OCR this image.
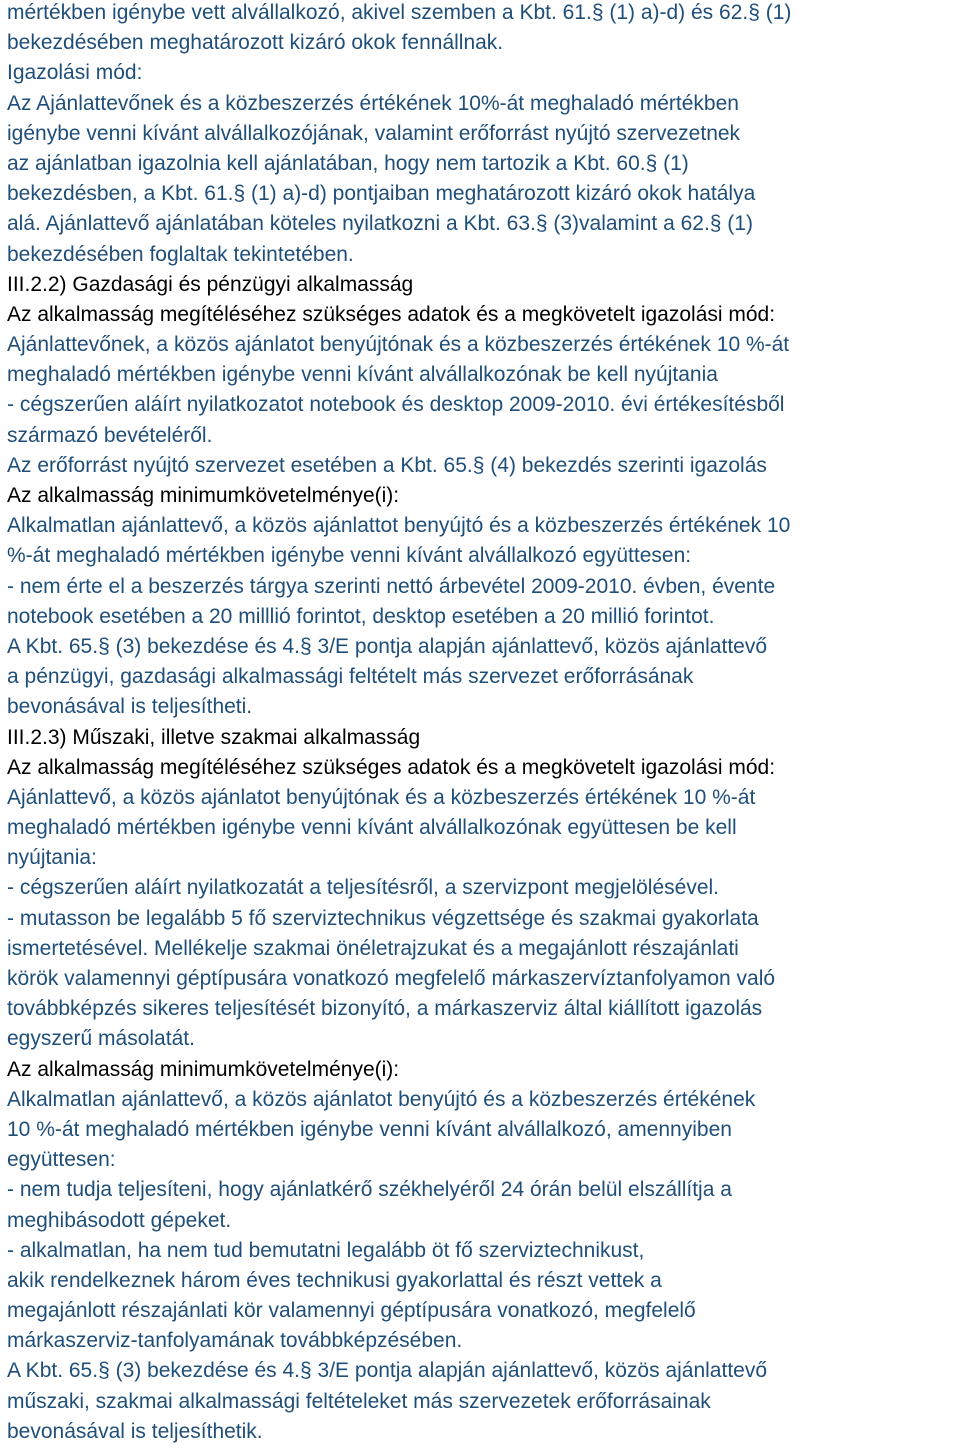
mértékben igénybe vett alvállalkozó, akivel szemben a Kbt. 61.§ (1) a)-d) és 62.§ (1)
bekezdésében meghatározott kizáró okok fennállnak.
Igazolási mód:
Az Ajánlattevőnek és a közbeszerzés értékének 10%-át meghaladó mértékben
igénybe venni kívánt alvállalkozójának, valamint erőforrást nyújtó szervezetnek
az ajánlatban igazolnia kell ajánlatában, hogy nem tartozik a Kbt. 60.§ (1)
bekezdésben, a Kbt. 61.§ (1) a)-d) pontjaiban meghatározott kizáró okok hatálya
alá. Ajánlattevő ajánlatában köteles nyilatkozni a Kbt. 63.§ (3)valamint a 62.§ (1)
bekezdésében foglaltak tekintetében.
III.2.2) Gazdasági és pénzügyi alkalmasság
Az alkalmasság megítéléséhez szükséges adatok és a megkövetelt igazolási mód:
Ajánlattevőnek, a közös ajánlatot benyújtónak és a közbeszerzés értékének 10 %-át
meghaladó mértékben igénybe venni kívánt alvállalkozónak be kell nyújtania
- cégszerűen aláírt nyilatkozatot notebook és desktop 2009-2010. évi értékesítésből
származó bevételéről.
Az erőforrást nyújtó szervezet esetében a Kbt. 65.§ (4) bekezdés szerinti igazolás
Az alkalmasság minimumkövetelménye(i):
Alkalmatlan ajánlattevő, a közös ajánlattot benyújtó és a közbeszerzés értékének 10
%-át meghaladó mértékben igénybe venni kívánt alvállalkozó együttesen:
- nem érte el a beszerzés tárgya szerinti nettó árbevétel 2009-2010. évben, évente
notebook esetében a 20 milllió forintot, desktop esetében a 20 millió forintot.
A Kbt. 65.§ (3) bekezdése és 4.§ 3/E pontja alapján ajánlattevő, közös ajánlattevő
a pénzügyi, gazdasági alkalmassági feltételt más szervezet erőforrásának
bevonásával is teljesítheti.
III.2.3) Műszaki, illetve szakmai alkalmasság
Az alkalmasság megítéléséhez szükséges adatok és a megkövetelt igazolási mód:
Ajánlattevő, a közös ajánlatot benyújtónak és a közbeszerzés értékének 10 %-át
meghaladó mértékben igénybe venni kívánt alvállalkozónak együttesen be kell
nyújtania:
- cégszerűen aláírt nyilatkozatát a teljesítésről, a szervizpont megjelölésével.
- mutasson be legalább 5 fő szerviztechnikus végzettsége és szakmai gyakorlata
ismertetésével. Mellékelje szakmai önéletrajzukat és a megajánlott részajánlati
körök valamennyi géptípusára vonatkozó megfelelő márkaszervíztanfolyamon való
továbbképzés sikeres teljesítését bizonyító, a márkaszerviz által kiállított igazolás
egyszerű másolatát.
Az alkalmasság minimumkövetelménye(i):
Alkalmatlan ajánlattevő, a közös ajánlatot benyújtó és a közbeszerzés értékének
10 %-át meghaladó mértékben igénybe venni kívánt alvállalkozó, amennyiben
együttesen:
- nem tudja teljesíteni, hogy ajánlatkérő székhelyéről 24 órán belül elszállítja a
meghibásodott gépeket.
- alkalmatlan, ha nem tud bemutatni legalább öt fő szerviztechnikust,
akik rendelkeznek három éves technikusi gyakorlattal és részt vettek a
megajánlott részajánlati kör valamennyi géptípusára vonatkozó, megfelelő
márkaszerviz-tanfolyamának továbbképzésében.
A Kbt. 65.§ (3) bekezdése és 4.§ 3/E pontja alapján ajánlattevő, közös ajánlattevő
műszaki, szakmai alkalmassági feltételeket más szervezetek erőforrásainak
bevonásával is teljesíthetik.
